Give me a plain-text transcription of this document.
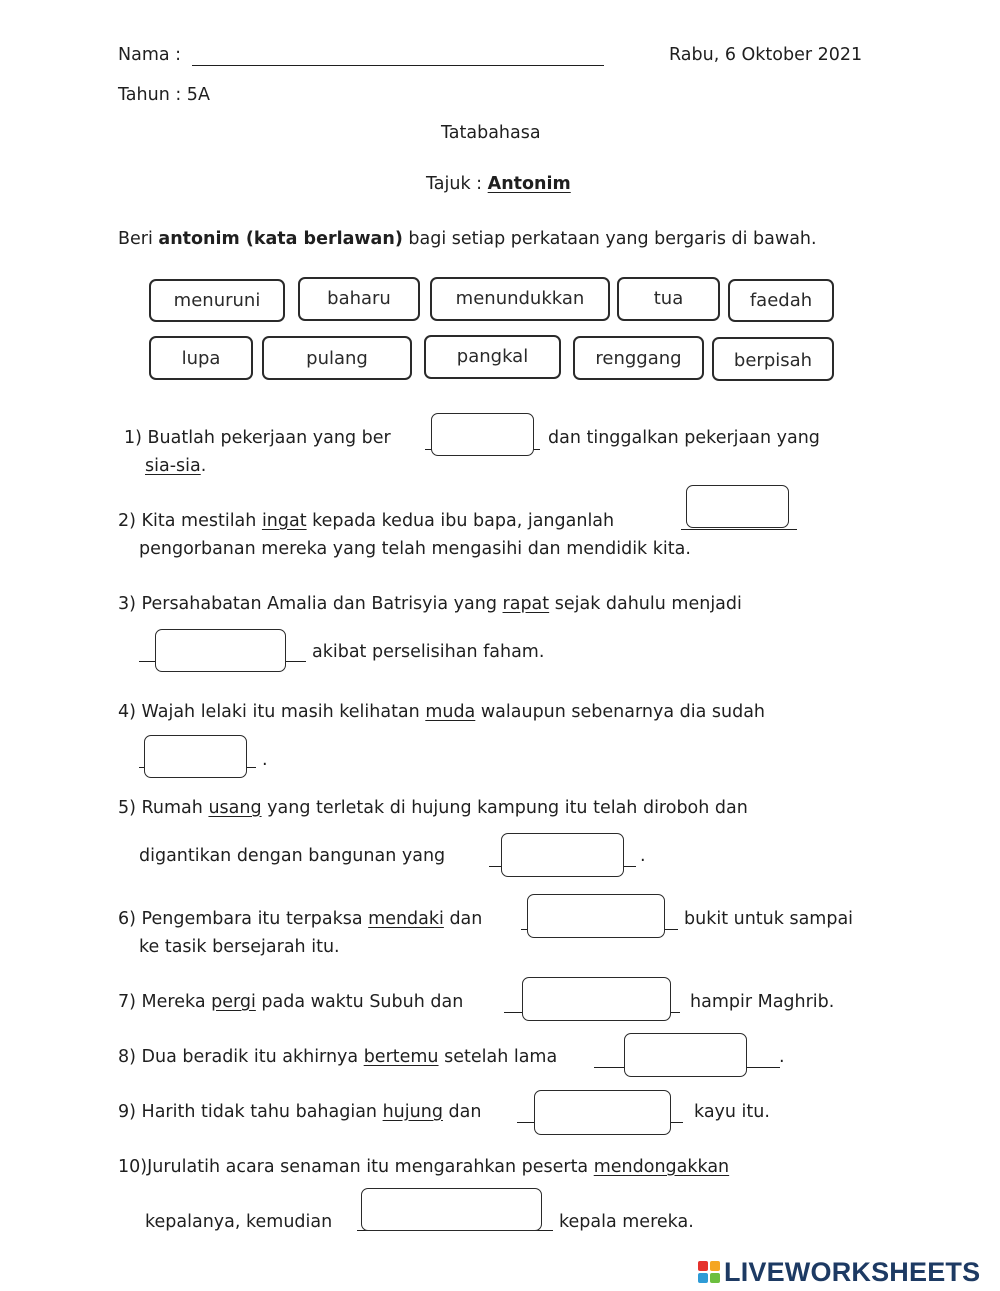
Nama :	Rabu, 6 Oktober 2021
Tahun : 5A
Tatabahasa
Tajuk : Antonim
Beri antonim (kata berlawan) bagi setiap perkataan yang bergaris di bawah.
menuruni	baharu	menundukkan	tua	faedah
lupa	pulang	pangkal	renggang	berpisah
1) Buatlah pekerjaan yang ber	dan tinggalkan pekerjaan yang
sia-sia.
2) Kita mestilah ingat kepada kedua ibu bapa, janganlah
pengorbanan mereka yang telah mengasihi dan mendidik kita.
3) Persahabatan Amalia dan Batrisyia yang rapat sejak dahulu menjadi
akibat perselisihan faham.
4) Wajah lelaki itu masih kelihatan muda walaupun sebenarnya dia sudah
.
5) Rumah usang yang terletak di hujung kampung itu telah diroboh dan
digantikan dengan bangunan yang	.
6) Pengembara itu terpaksa mendaki dan	bukit untuk sampai
ke tasik bersejarah itu.
7) Mereka pergi pada waktu Subuh dan	hampir Maghrib.
8) Dua beradik itu akhirnya bertemu setelah lama	.
9) Harith tidak tahu bahagian hujung dan	kayu itu.
10)Jurulatih acara senaman itu mengarahkan peserta mendongakkan
kepalanya, kemudian	kepala mereka.
LIVEWORKSHEETS
